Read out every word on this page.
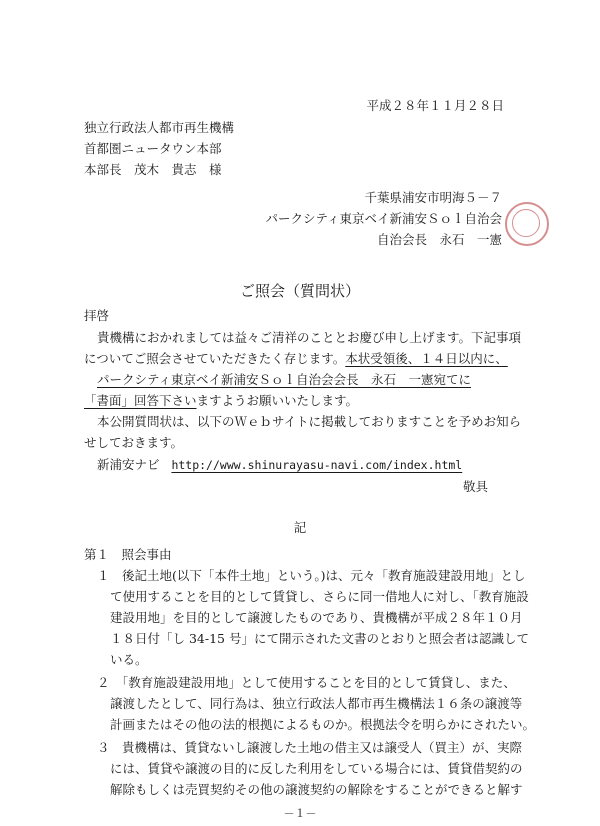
平成２８年１１月２８日
独立行政法人都市再生機構
首都圏ニュータウン本部
本部長　茂木　貴志　様
千葉県浦安市明海５－７
パークシティ東京ベイ新浦安Ｓｏｌ自治会
自治会長　永石　一憲
ご照会（質問状）
拝啓
貴機構におかれましては益々ご清祥のこととお慶び申し上げます。下記事項
についてご照会させていただきたく存じます。本状受領後、１４日以内に、
パークシティ東京ベイ新浦安Ｓｏｌ自治会会長　永石　一憲宛てに
「書面」回答下さいますようお願いいたします。
本公開質問状は、以下のＷｅｂサイトに掲載しておりますことを予めお知ら
せしておきます。
新浦安ナビ http://www.shinurayasu-navi.com/index.html
敬具
記
第１　照会事由
１　後記土地(以下「本件土地」という。)は、元々「教育施設建設用地」とし
て使用することを目的として賃貸し、さらに同一借地人に対し、「教育施設
建設用地」を目的として譲渡したものであり、貴機構が平成２８年１０月
１８日付「し 34-15 号」にて開示された文書のとおりと照会者は認識して
いる。
２　「教育施設建設用地」として使用することを目的として賃貸し、また、
譲渡したとして、同行為は、独立行政法人都市再生機構法１６条の譲渡等
計画またはその他の法的根拠によるものか。根拠法令を明らかにされたい。
３　貴機構は、賃貸ないし譲渡した土地の借主又は譲受人（買主）が、実際
には、賃貸や譲渡の目的に反した利用をしている場合には、賃貸借契約の
解除もしくは売買契約その他の譲渡契約の解除をすることができると解す
－１－
